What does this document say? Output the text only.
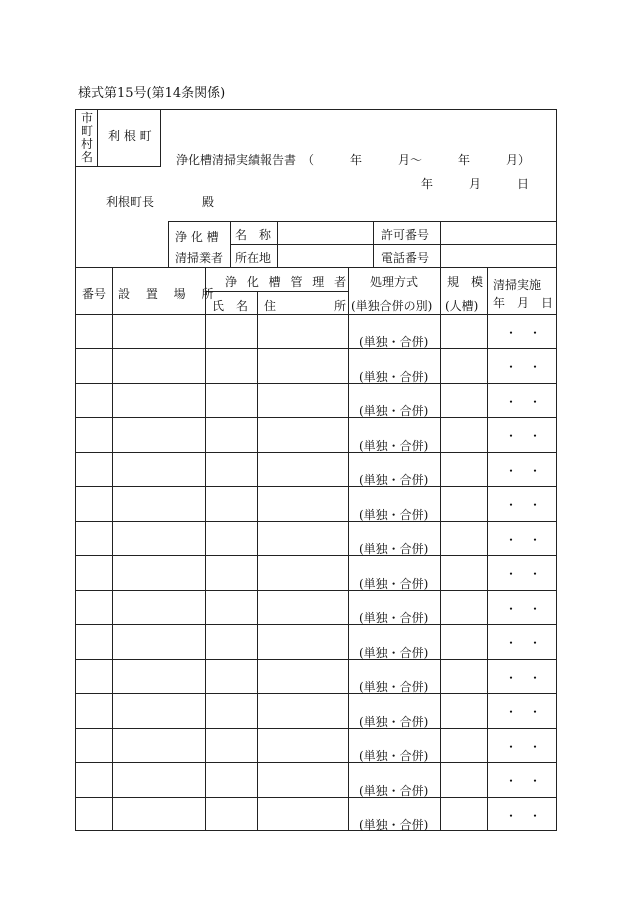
様式第15号(第14条関係)
市町村名
利 根 町
浄化槽清掃実績報告書　（　　　年　　　月～　　　年　　　月）
年　　　月　　　日
利根町長　　　　殿
浄 化 槽
清掃業者
名　称
所在地
許可番号
電話番号
番号 設 置 場 所
浄 化 槽 管 理 者
氏　名 住	所
処理方式
(単独合併の別)
規　模
(人槽)
清掃実施
年　月　日
(単独・合併)
・　・
(単独・合併)
・　・
(単独・合併)
・　・
(単独・合併)
・　・
(単独・合併)
・　・
(単独・合併)
・　・
(単独・合併)
・　・
(単独・合併)
・　・
(単独・合併)
・　・
(単独・合併)
・　・
(単独・合併)
・　・
(単独・合併)
・　・
(単独・合併)
・　・
(単独・合併)
・　・
(単独・合併)
・　・
